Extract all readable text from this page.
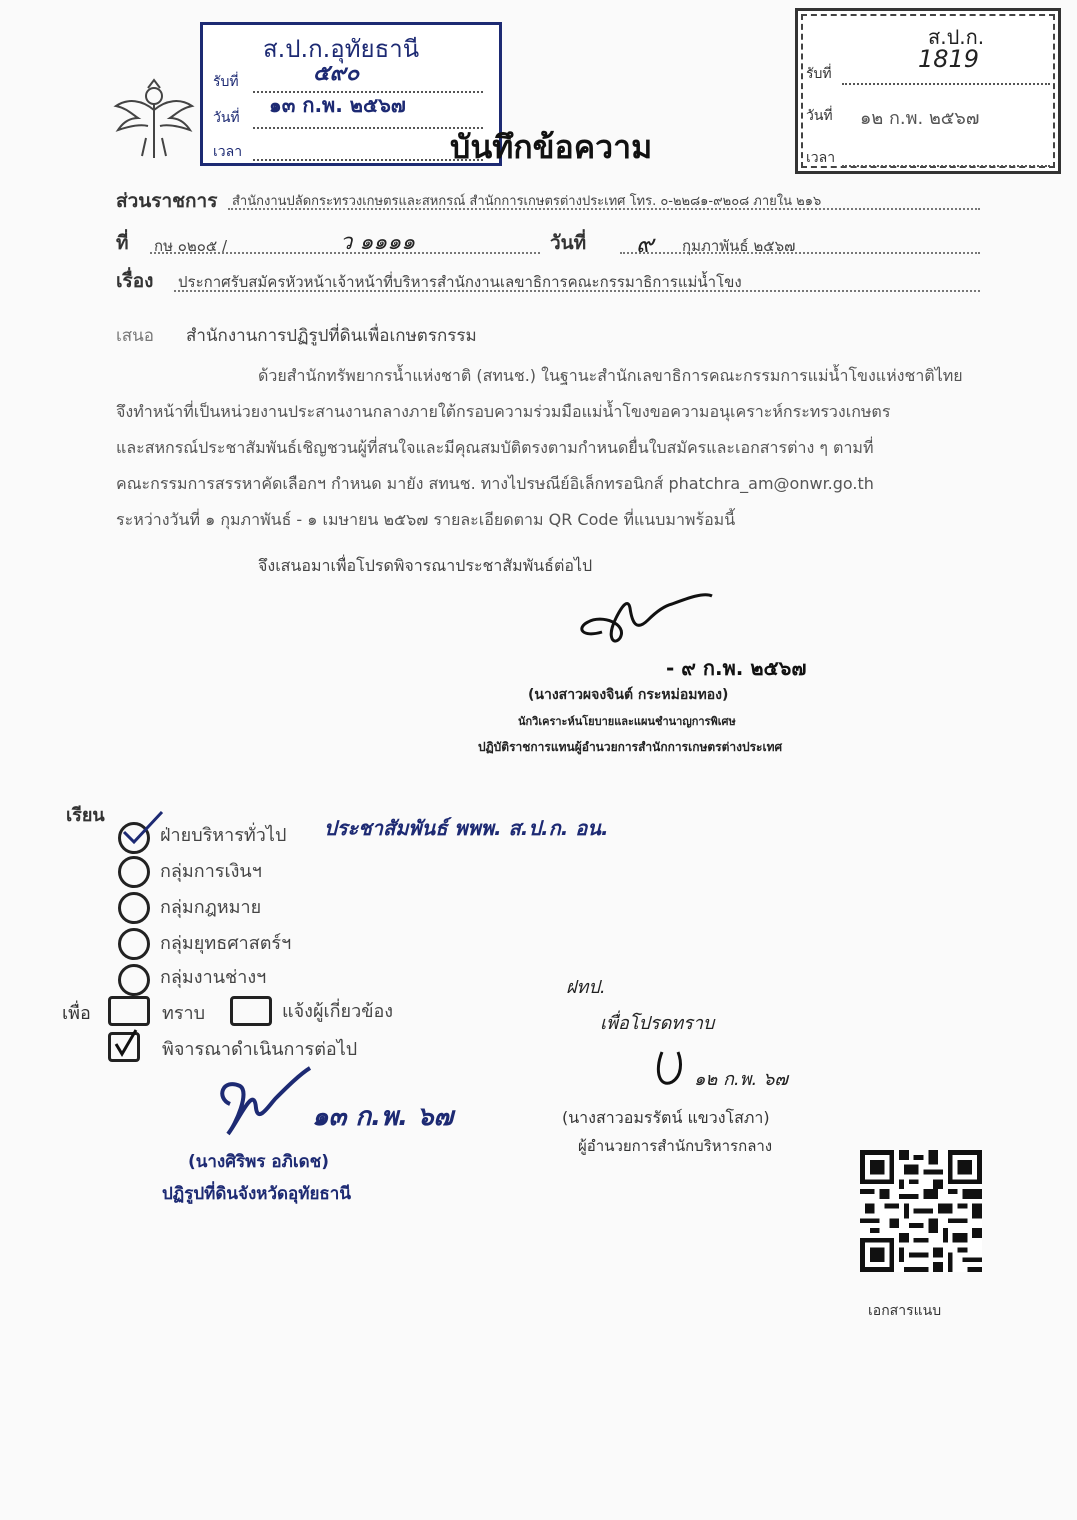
ส.ป.ก.อุทัยธานี
รับที่	๕๙๐
วันที่
๑๓ ก.พ. ๒๕๖๗
เวลา
ส.ป.ก.
รับที่
1819
วันที่ ๑๒ ก.พ. ๒๕๖๗
เวลา
บันทึกข้อความ
ส่วนราชการ สำนักงานปลัดกระทรวงเกษตรและสหกรณ์ สำนักการเกษตรต่างประเทศ โทร. ๐-๒๒๘๑-๙๒๐๘ ภายใน ๒๑๖
ที่ กษ ๐๒๐๕ /	ว ๑๑๑๑	วันที่ ๙ กุมภาพันธ์ ๒๕๖๗
เรื่อง ประกาศรับสมัครหัวหน้าเจ้าหน้าที่บริหารสำนักงานเลขาธิการคณะกรรมาธิการแม่น้ำโขง
เสนอ สำนักงานการปฏิรูปที่ดินเพื่อเกษตรกรรม
ด้วยสำนักทรัพยากรน้ำแห่งชาติ (สทนช.) ในฐานะสำนักเลขาธิการคณะกรรมการแม่น้ำโขงแห่งชาติไทย
จึงทำหน้าที่เป็นหน่วยงานประสานงานกลางภายใต้กรอบความร่วมมือแม่น้ำโขงขอความอนุเคราะห์กระทรวงเกษตร
และสหกรณ์ประชาสัมพันธ์เชิญชวนผู้ที่สนใจและมีคุณสมบัติตรงตามกำหนดยื่นใบสมัครและเอกสารต่าง ๆ ตามที่
คณะกรรมการสรรหาคัดเลือกฯ กำหนด มายัง สทนช. ทางไปรษณีย์อิเล็กทรอนิกส์ phatchra_am@onwr.go.th
ระหว่างวันที่ ๑ กุมภาพันธ์ - ๑ เมษายน ๒๕๖๗ รายละเอียดตาม QR Code ที่แนบมาพร้อมนี้
จึงเสนอมาเพื่อโปรดพิจารณาประชาสัมพันธ์ต่อไป
- ๙ ก.พ. ๒๕๖๗
(นางสาวผจงจินต์ กระหม่อมทอง)
นักวิเคราะห์นโยบายและแผนชำนาญการพิเศษ
ปฏิบัติราชการแทนผู้อำนวยการสำนักการเกษตรต่างประเทศ
เรียน
ฝ่ายบริหารทั่วไป ประชาสัมพันธ์ พพพ. ส.ป.ก. อน.
กลุ่มการเงินฯ
กลุ่มกฎหมาย
กลุ่มยุทธศาสตร์ฯ
กลุ่มงานช่างฯ
เพื่อ	ทราบ	แจ้งผู้เกี่ยวข้อง
พิจารณาดำเนินการต่อไป
๑๓ ก.พ. ๖๗
(นางศิริพร อภิเดช)
ปฏิรูปที่ดินจังหวัดอุทัยธานี
ฝทป.
เพื่อโปรดทราบ
๑๒ ก.พ. ๖๗
(นางสาวอมรรัตน์ แขวงโสภา)
ผู้อำนวยการสำนักบริหารกลาง
เอกสารแนบ
